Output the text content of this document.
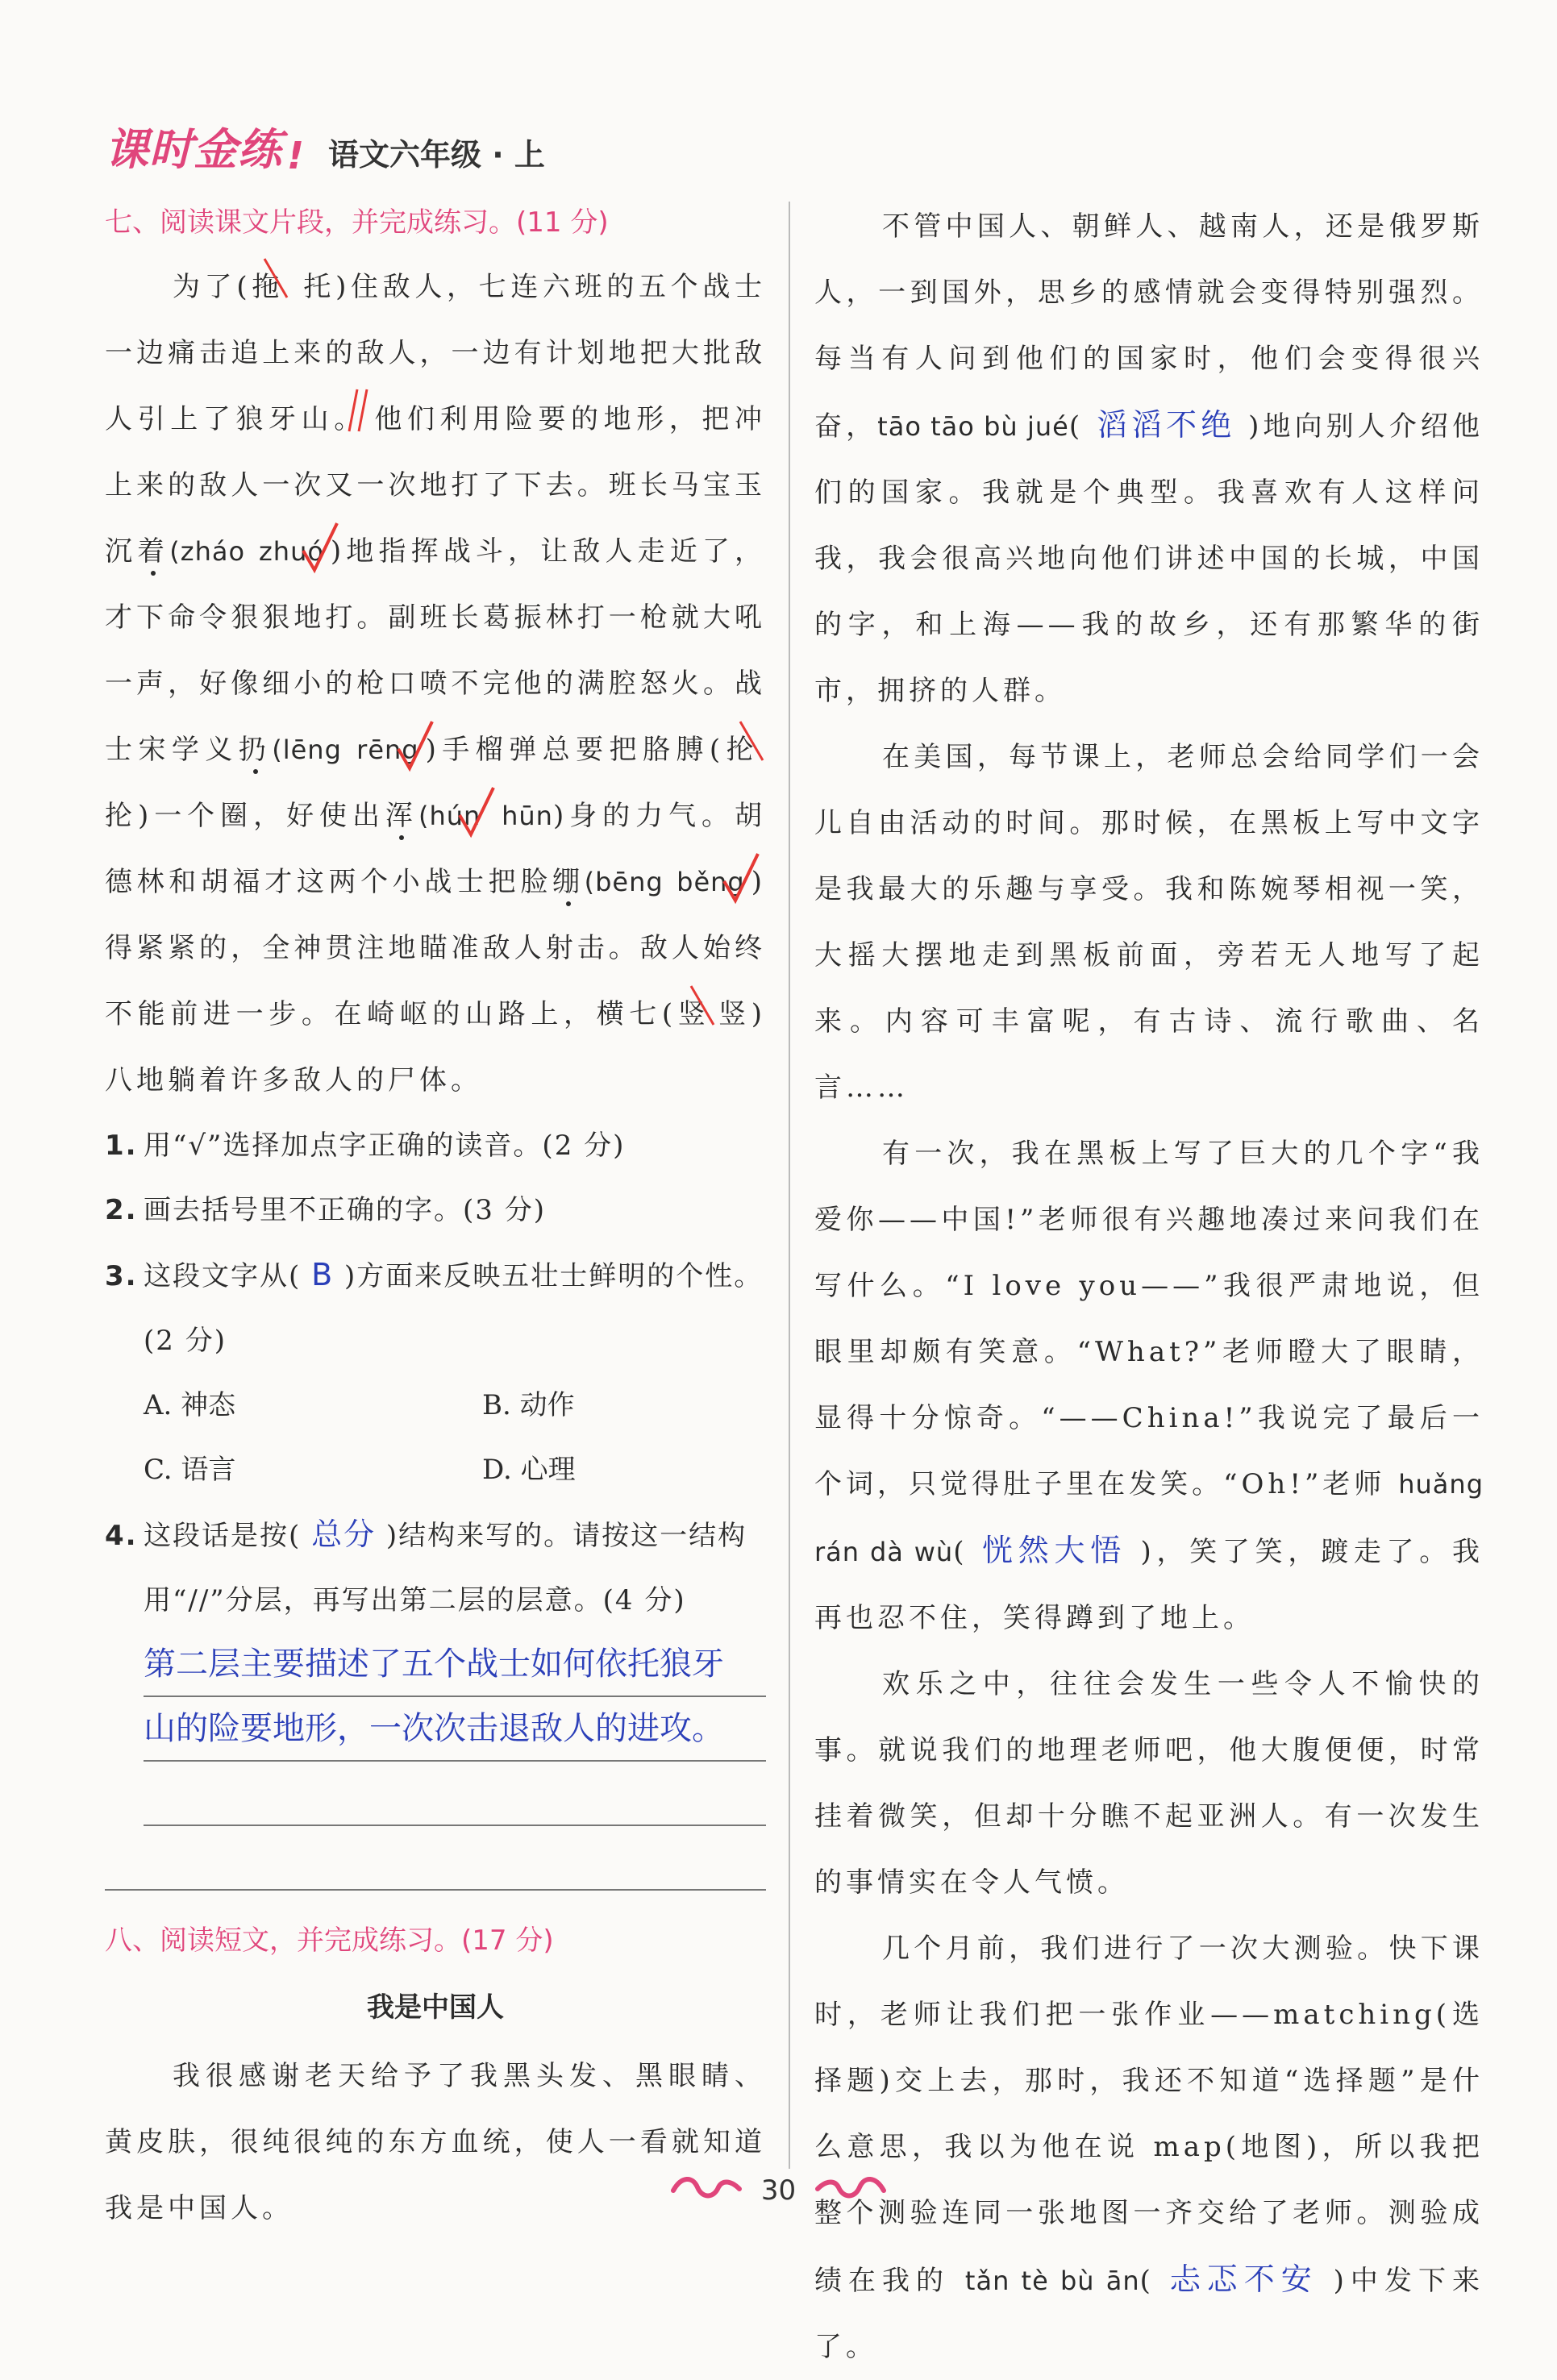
课时金练 ! 语文六年级 · 上
七、阅读课文片段，并完成练习。(11 分)

为了(拖
托)住敌人，七连六班的五个战士一边痛击追上来的敌人，一边有计划地把大批敌人引上了狼牙山。 他们利用险要的地形，把冲上来的敌人一次又一次地打了下去。班长马宝玉沉着(zháo zhuó )地指挥战斗，让敌人走近了，才下命令狠狠地打。副班长葛振林打一枪就大吼一声，好像细小的枪口喷不完他的满腔怒火。战士宋学义扔(lēng rēng )手榴弹总要把胳膊(抡
抡)一个圈，好使出浑(hún hūn)身的力气。胡德林和胡福才这两个小战士把脸绷(bēng běng )得紧紧的，全神贯注地瞄准敌人射击。敌人始终不能前进一步。在崎岖的山路上，横七(竖 竖)八地躺着许多敌人的尸体。

1. 用“√”选择加点字正确的读音。(2 分)

2. 画去括号里不正确的字。(3 分)

3. 这段文字从( B )方面来反映五壮士鲜明的个性。(2 分)

A. 神态	B. 动作
C. 语言	D. 心理

4. 这段话是按( 总分 )结构来写的。请按这一结构用“//”分层，再写出第二层的层意。(4 分)

第二层主要描述了五个战士如何依托狼牙
山的险要地形，一次次击退敌人的进攻。
八、阅读短文，并完成练习。(17 分)
我是中国人

我很感谢老天给予了我黑头发、黑眼睛、黄皮肤，很纯很纯的东方血统，使人一看就知道我是中国人。

不管中国人、朝鲜人、越南人，还是俄罗斯人，一到国外，思乡的感情就会变得特别强烈。每当有人问到他们的国家时，他们会变得很兴奋，tāo tāo bù jué( 滔滔不绝 )地向别人介绍他们的国家。我就是个典型。我喜欢有人这样问我，我会很高兴地向他们讲述中国的长城，中国的字，和上海——我的故乡，还有那繁华的街市，拥挤的人群。

在美国，每节课上，老师总会给同学们一会儿自由活动的时间。那时候，在黑板上写中文字是我最大的乐趣与享受。我和陈婉琴相视一笑，大摇大摆地走到黑板前面，旁若无人地写了起来。内容可丰富呢，有古诗、流行歌曲、名言……

有一次，我在黑板上写了巨大的几个字“我爱你——中国!”老师很有兴趣地凑过来问我们在写什么。“I love you——”我很严肃地说，但眼里却颇有笑意。“What?”老师瞪大了眼睛，显得十分惊奇。“——China!”我说完了最后一个词，只觉得肚子里在发笑。“Oh!”老师 huǎng rán dà wù( 恍然大悟 )，笑了笑，踱走了。我再也忍不住，笑得蹲到了地上。

欢乐之中，往往会发生一些令人不愉快的事。就说我们的地理老师吧，他大腹便便，时常挂着微笑，但却十分瞧不起亚洲人。有一次发生的事情实在令人气愤。

几个月前，我们进行了一次大测验。快下课时，老师让我们把一张作业——matching(选择题)交上去，那时，我还不知道“选择题”是什么意思，我以为他在说 map(地图)，所以我把整个测验连同一张地图一齐交给了老师。测验成绩在我的 tǎn tè bù ān( 忐忑不安 )中发下来了。

30
